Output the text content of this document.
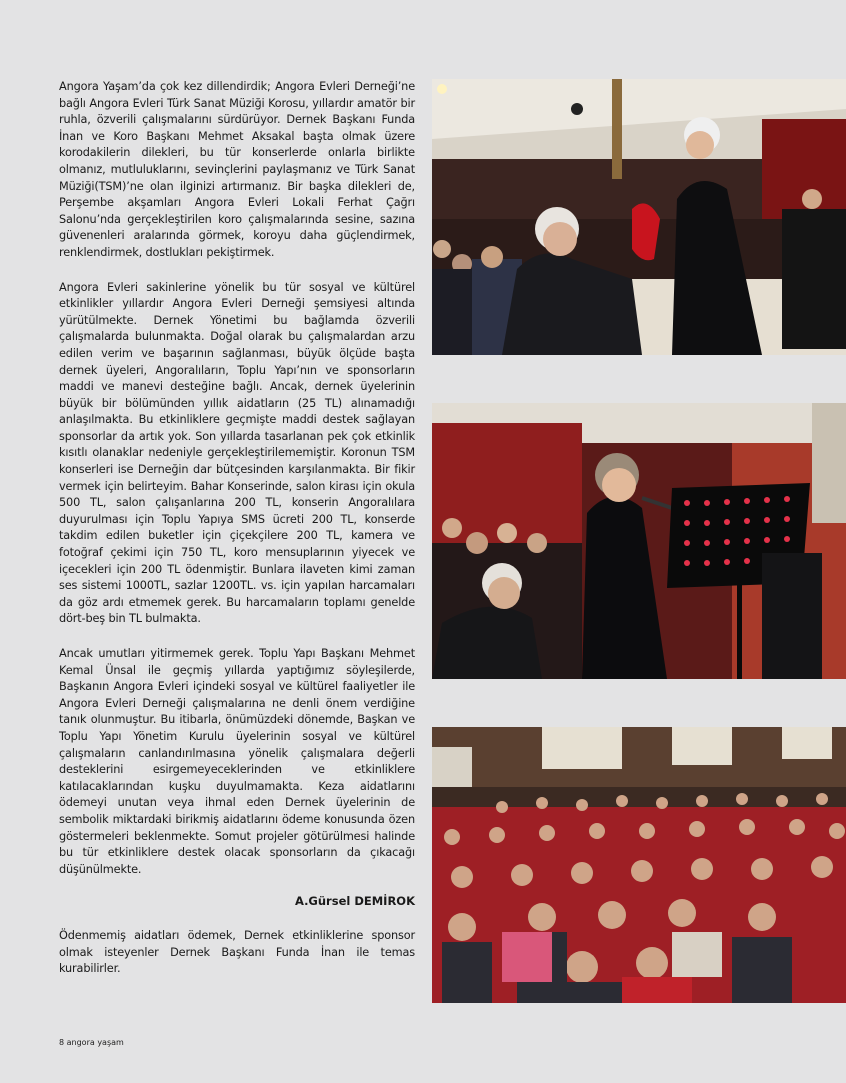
Angora Yaşam’da çok kez dillendirdik; Angora Evleri Derneği’ne bağlı Angora Evleri Türk Sanat Müziği Korosu, yıllardır amatör bir ruhla, özverili çalışmalarını sürdürüyor. Dernek Başkanı Funda İnan ve Koro Başkanı Mehmet Aksakal başta olmak üzere korodakilerin dilekleri, bu tür konserlerde onlarla birlikte olmanız, mutluluklarını, sevinçlerini paylaşmanız ve Türk Sanat Müziği(TSM)’ne olan ilginizi artırmanız. Bir başka dilekleri de, Perşembe akşamları Angora Evleri Lokali Ferhat Çağrı Salonu’nda gerçekleştirilen koro çalışmalarında sesine, sazına güvenenleri aralarında görmek, koroyu daha güçlendirmek, renklendirmek, dostlukları pekiştirmek.

Angora Evleri sakinlerine yönelik bu tür sosyal ve kültürel etkinlikler yıllardır Angora Evleri Derneği şemsiyesi altında yürütülmekte. Dernek Yönetimi bu bağlamda özverili çalışmalarda bulunmakta. Doğal olarak bu çalışmalardan arzu edilen verim ve başarının sağlanması, büyük ölçüde başta dernek üyeleri, Angoralıların, Toplu Yapı’nın ve sponsorların maddi ve manevi desteğine bağlı. Ancak, dernek üyelerinin büyük bir bölümünden yıllık aidatların (25 TL) alınamadığı anlaşılmakta. Bu etkinliklere geçmişte maddi destek sağlayan sponsorlar da artık yok. Son yıllarda tasarlanan pek çok etkinlik kısıtlı olanaklar nedeniyle gerçekleştirilememiştir. Koronun TSM konserleri ise Derneğin dar bütçesinden karşılanmakta. Bir fikir vermek için belirteyim. Bahar Konserinde, salon kirası için okula 500 TL, salon çalışanlarına 200 TL, konserin Angoralılara duyurulması için Toplu Yapıya SMS ücreti 200 TL, konserde takdim edilen buketler için çiçekçilere 200 TL, kamera ve fotoğraf çekimi için 750 TL, koro mensuplarının yiyecek ve içecekleri için 200 TL ödenmiştir. Bunlara ilaveten kimi zaman ses sistemi 1000TL, sazlar 1200TL. vs. için yapılan harcamaları da göz ardı etmemek gerek. Bu harcamaların toplamı genelde dört-beş bin TL bulmakta.

Ancak umutları yitirmemek gerek. Toplu Yapı Başkanı Mehmet Kemal Ünsal ile geçmiş yıllarda yaptığımız söyleşilerde, Başkanın Angora Evleri içindeki sosyal ve kültürel faaliyetler ile Angora Evleri Derneği çalışmalarına ne denli önem verdiğine tanık olunmuştur. Bu itibarla, önümüzdeki dönemde, Başkan ve Toplu Yapı Yönetim Kurulu üyelerinin sosyal ve kültürel çalışmaların canlandırılmasına yönelik çalışmalara değerli desteklerini esirgemeyeceklerinden ve etkinliklere katılacaklarından kuşku duyulmamakta. Keza aidatlarını ödemeyi unutan veya ihmal eden Dernek üyelerinin de sembolik miktardaki birikmiş aidatlarını ödeme konusunda özen göstermeleri beklenmekte. Somut projeler götürülmesi halinde bu tür etkinliklere destek olacak sponsorların da çıkacağı düşünülmekte.

A.Gürsel DEMİROK

Ödenmemiş aidatları ödemek, Dernek etkinliklerine sponsor olmak isteyenler Dernek Başkanı Funda İnan ile temas kurabilirler.

8 angora yaşam
